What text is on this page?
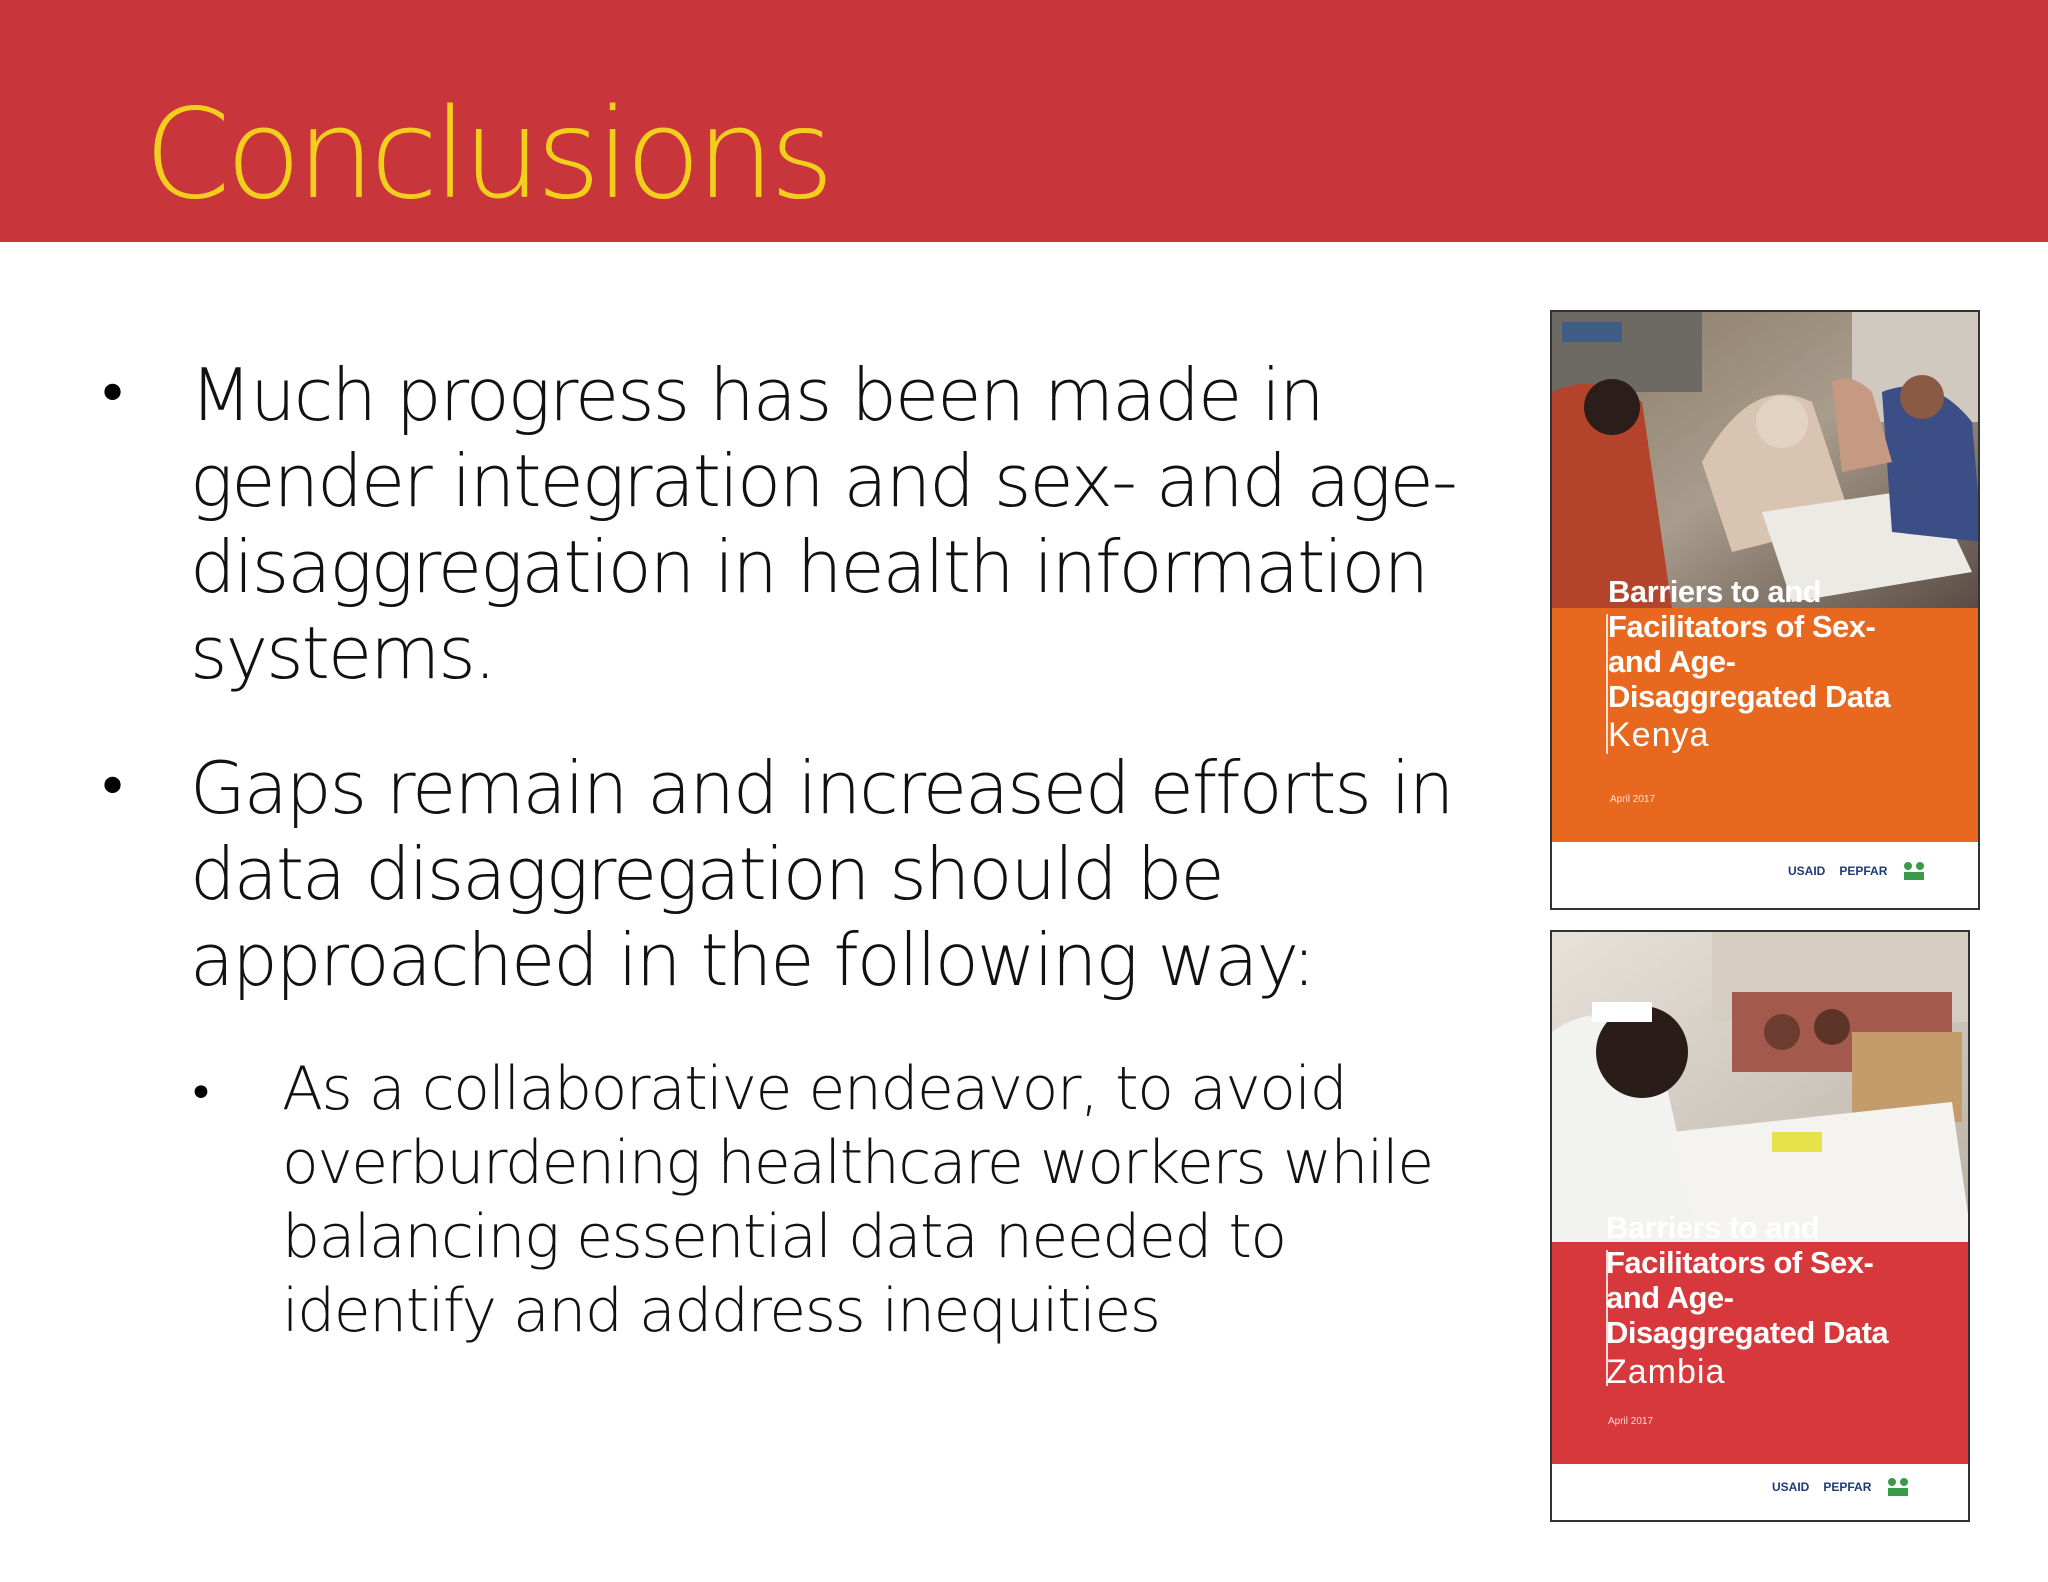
Conclusions
• Much progress has been made in
gender integration and sex- and age-
disaggregation in health information
systems.
• Gaps remain and increased efforts in
data disaggregation should be
approached in the following way:
• As a collaborative endeavor, to avoid
overburdening healthcare workers while
balancing essential data needed to
identify and address inequities
Barriers to and
Facilitators of Sex-
and Age-
Disaggregated Data
Kenya
April 2017
USAID PEPFAR
Barriers to and
Facilitators of Sex-
and Age-
Disaggregated Data
Zambia
April 2017
USAID PEPFAR
